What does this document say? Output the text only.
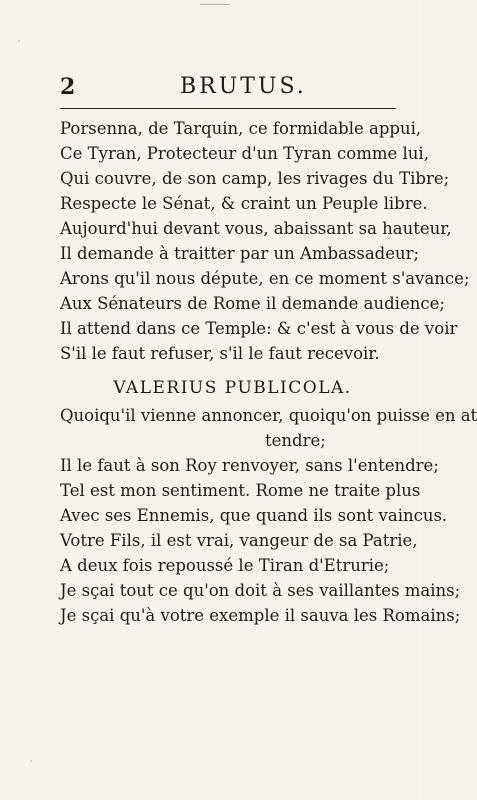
2	BRUTUS.

Porsenna, de Tarquin, ce formidable appui,

Ce Tyran, Protecteur d'un Tyran comme lui,

Qui couvre, de son camp, les rivages du Tibre;

Respecte le Sénat, & craint un Peuple libre.

Aujourd'hui devant vous, abaissant sa hauteur,

Il demande à traitter par un Ambassadeur;

Arons qu'il nous députe, en ce moment s'avance;

Aux Sénateurs de Rome il demande audience;

Il attend dans ce Temple: & c'est à vous de voir

S'il le faut refuser, s'il le faut recevoir.

VALERIUS PUBLICOLA.

Quoiqu'il vienne annoncer, quoiqu'on puisse en at

tendre;

Il le faut à son Roy renvoyer, sans l'entendre;

Tel est mon sentiment. Rome ne traite plus

Avec ses Ennemis, que quand ils sont vaincus.

Votre Fils, il est vrai, vangeur de sa Patrie,

A deux fois repoussé le Tiran d'Etrurie;

Je sçai tout ce qu'on doit à ses vaillantes mains;

Je sçai qu'à votre exemple il sauva les Romains;
